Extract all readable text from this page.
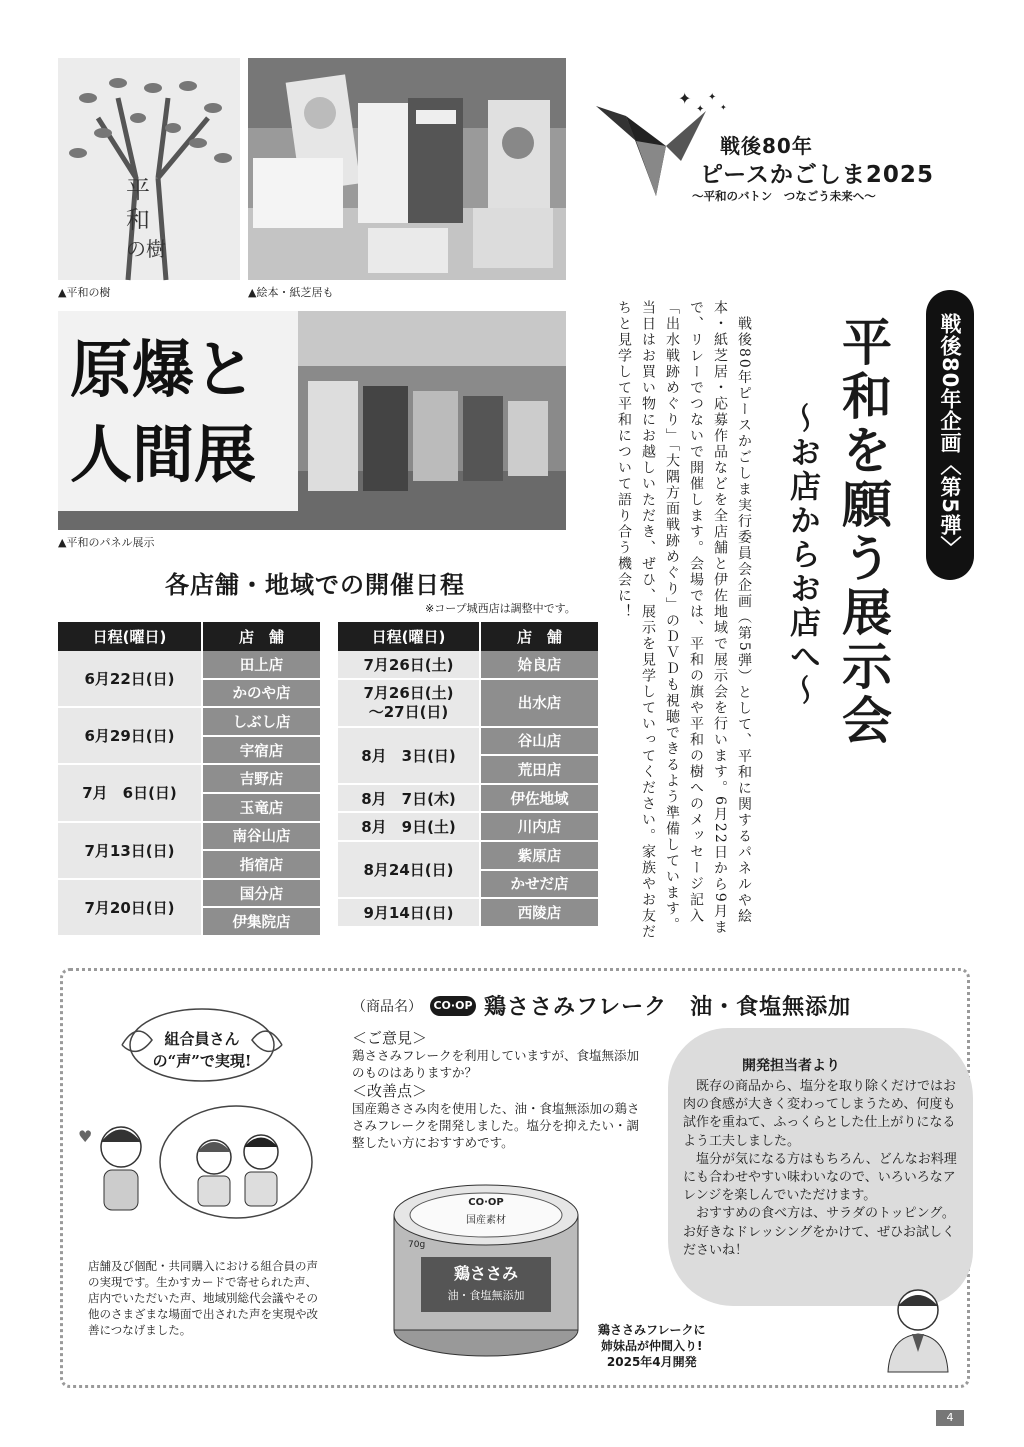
平
和
の樹
▲平和の樹	▲絵本・紙芝居も
原爆と
人間展
▲平和のパネル展示
✦
✦
✦
✦
戦後80年
ピースかごしま2025
～平和のバトン　つなごう未来へ～
戦後80年企画〈第5弾〉
平和を願う展示会
～お店からお店へ～
　戦後80年ピースかごしま実行委員会企画（第5弾）として、平和に関するパネルや絵本・紙芝居・応募作品などを全店舗と伊佐地域で展示会を行います。6月22日から9月まで、リレーでつないで開催します。会場では、平和の旗や平和の樹へのメッセージ記入「出水戦跡めぐり」「大隅方面戦跡めぐり」のＤＶＤも視聴できるよう準備しています。　当日はお買い物にお越しいただき、ぜひ、展示を見学していってください。家族やお友だちと見学して平和について語り合う機会に！
各店舗・地域での開催日程
※コープ城西店は調整中です。
日程(曜日)	店　舗
6月22日(日)	田上店
	かのや店
6月29日(日)	しぶし店
	宇宿店
7月　6日(日)	吉野店
	玉竜店
7月13日(日)	南谷山店
	指宿店
7月20日(日)	国分店
	伊集院店
日程(曜日)	店　舗
7月26日(土)	姶良店
7月26日(土)
～27日(日)	出水店
8月　3日(日)	谷山店
	荒田店
8月　7日(木)	伊佐地域
8月　9日(土)	川内店
8月24日(日)	紫原店
	かせだ店
9月14日(日)	西陵店
組合員さんの“声”で実現!
♥
店舗及び個配・共同購入における組合員の声の実現です。生かすカードで寄せられた声、店内でいただいた声、地域別総代会議やその他のさまざまな場面で出された声を実現や改善につなげました。
（商品名）	CO·OP 鶏ささみフレーク　油・食塩無添加
＜ご意見＞
鶏ささみフレークを利用していますが、食塩無添加のものはありますか？
＜改善点＞
国産鶏ささみ肉を使用した、油・食塩無添加の鶏ささみフレークを開発しました。塩分を抑えたい・調整したい方におすすめです。
CO·OP
国産素材
鶏ささみ
油・食塩無添加
70g
鶏ささみフレークに
姉妹品が仲間入り!
2025年4月開発
開発担当者より

既存の商品から、塩分を取り除くだけではお肉の食感が大きく変わってしまうため、何度も試作を重ねて、ふっくらとした仕上がりになるよう工夫しました。

塩分が気になる方はもちろん、どんなお料理にも合わせやすい味わいなので、いろいろなアレンジを楽しんでいただけます。

おすすめの食べ方は、サラダのトッピング。お好きなドレッシングをかけて、ぜひお試しくださいね！

4
